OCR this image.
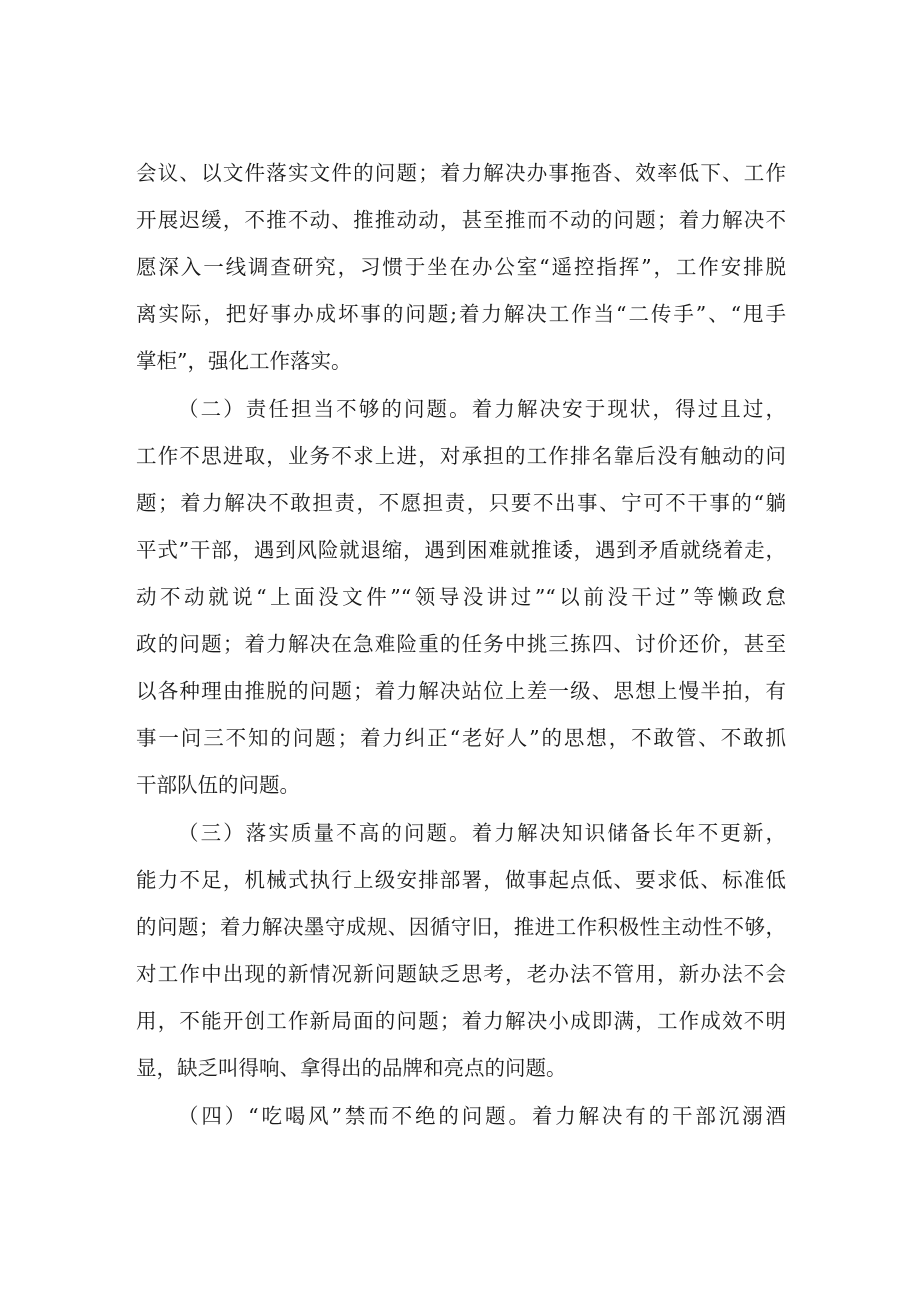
会议、以文件落实文件的问题；着力解决办事拖沓、效率低下、工作
开展迟缓，不推不动、推推动动，甚至推而不动的问题；着力解决不
愿深入一线调查研究，习惯于坐在办公室“遥控指挥”，工作安排脱
离实际，把好事办成坏事的问题;着力解决工作当“二传手”、“甩手
掌柜”，强化工作落实。
（二）责任担当不够的问题。着力解决安于现状，得过且过，
工作不思进取，业务不求上进，对承担的工作排名靠后没有触动的问
题；着力解决不敢担责，不愿担责，只要不出事、宁可不干事的“躺
平式”干部，遇到风险就退缩，遇到困难就推诿，遇到矛盾就绕着走，
动不动就说“上面没文件”“领导没讲过”“以前没干过”等懒政怠
政的问题；着力解决在急难险重的任务中挑三拣四、讨价还价，甚至
以各种理由推脱的问题；着力解决站位上差一级、思想上慢半拍，有
事一问三不知的问题；着力纠正“老好人”的思想，不敢管、不敢抓
干部队伍的问题。
（三）落实质量不高的问题。着力解决知识储备长年不更新，
能力不足，机械式执行上级安排部署，做事起点低、要求低、标准低
的问题；着力解决墨守成规、因循守旧，推进工作积极性主动性不够，
对工作中出现的新情况新问题缺乏思考，老办法不管用，新办法不会
用，不能开创工作新局面的问题；着力解决小成即满，工作成效不明
显，缺乏叫得响、拿得出的品牌和亮点的问题。
（四）“吃喝风”禁而不绝的问题。着力解决有的干部沉溺酒
